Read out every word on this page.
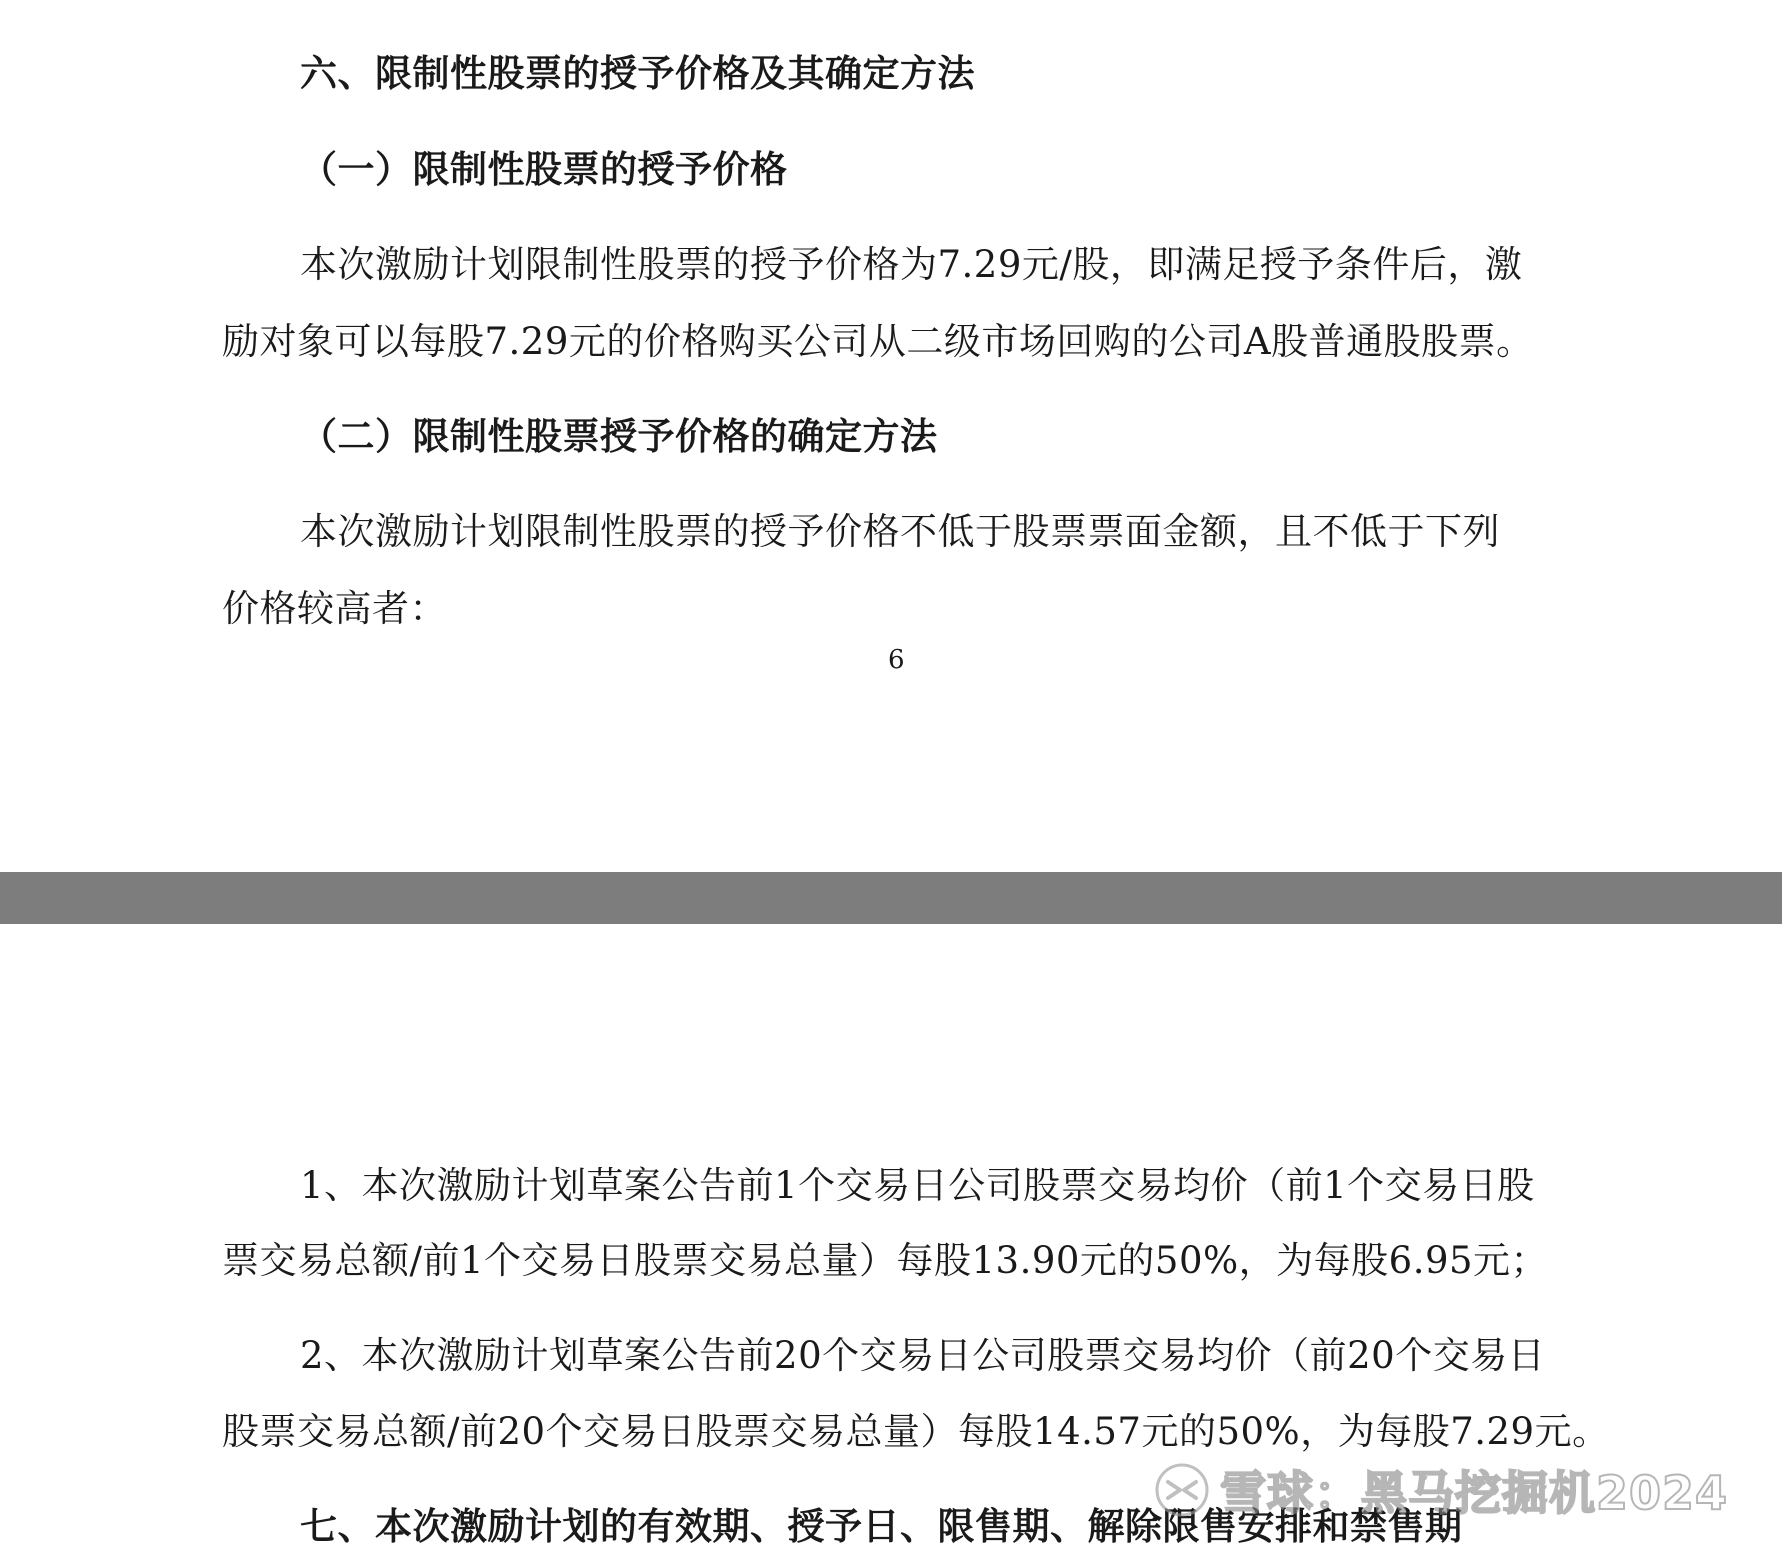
六、限制性股票的授予价格及其确定方法
（一）限制性股票的授予价格
本次激励计划限制性股票的授予价格为7.29元/股，即满足授予条件后，激
励对象可以每股7.29元的价格购买公司从二级市场回购的公司A股普通股股票。
（二）限制性股票授予价格的确定方法
本次激励计划限制性股票的授予价格不低于股票票面金额，且不低于下列
价格较高者：
6
1、本次激励计划草案公告前1个交易日公司股票交易均价（前1个交易日股
票交易总额/前1个交易日股票交易总量）每股13.90元的50%，为每股6.95元；
2、本次激励计划草案公告前20个交易日公司股票交易均价（前20个交易日
股票交易总额/前20个交易日股票交易总量）每股14.57元的50%，为每股7.29元。
七、本次激励计划的有效期、授予日、限售期、解除限售安排和禁售期
雪球：黑马挖掘机2024
